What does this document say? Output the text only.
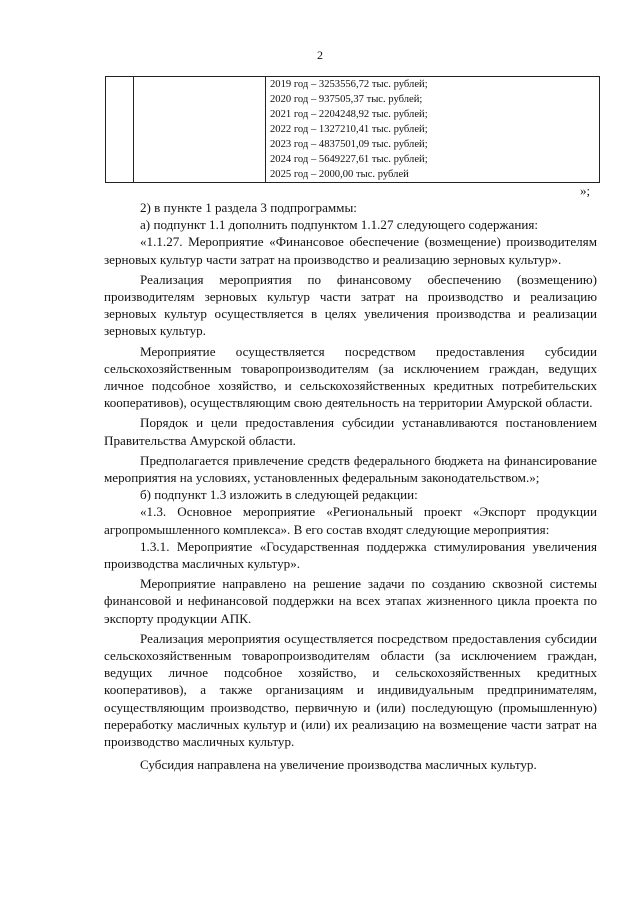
2

2019 год – 3253556,72 тыс. рублей;
2020 год – 937505,37 тыс. рублей;
2021 год – 2204248,92 тыс. рублей;
2022 год – 1327210,41 тыс. рублей;
2023 год – 4837501,09 тыс. рублей;
2024 год – 5649227,61 тыс. рублей;
2025 год – 2000,00 тыс. рублей
»;

2) в пункте 1 раздела 3 подпрограммы:

а) подпункт 1.1 дополнить подпунктом 1.1.27 следующего содержания:

«1.1.27. Мероприятие «Финансовое обеспечение (возмещение) производителям зерновых культур части затрат на производство и реализацию зерновых культур».

Реализация мероприятия по финансовому обеспечению (возмещению) производителям зерновых культур части затрат на производство и реализацию зерновых культур осуществляется в целях увеличения производства и реализации зерновых культур.

Мероприятие осуществляется посредством предоставления субсидии сельскохозяйственным товаропроизводителям (за исключением граждан, ведущих личное подсобное хозяйство, и сельскохозяйственных кредитных потребительских кооперативов), осуществляющим свою деятельность на территории Амурской области.

Порядок и цели предоставления субсидии устанавливаются постановлением Правительства Амурской области.

Предполагается привлечение средств федерального бюджета на финансирование мероприятия на условиях, установленных федеральным законодательством.»;

б) подпункт 1.3 изложить в следующей редакции:

«1.3. Основное мероприятие «Региональный проект «Экспорт продукции агропромышленного комплекса». В его состав входят следующие мероприятия:

1.3.1. Мероприятие «Государственная поддержка стимулирования увеличения производства масличных культур».

Мероприятие направлено на решение задачи по созданию сквозной системы финансовой и нефинансовой поддержки на всех этапах жизненного цикла проекта по экспорту продукции АПК.

Реализация мероприятия осуществляется посредством предоставления субсидии сельскохозяйственным товаропроизводителям области (за исключением граждан, ведущих личное подсобное хозяйство, и сельскохозяйственных кредитных кооперативов), а также организациям и индивидуальным предпринимателям, осуществляющим производство, первичную и (или) последующую (промышленную) переработку масличных культур и (или) их реализацию на возмещение части затрат на производство масличных культур.

Субсидия направлена на увеличение производства масличных культур.
